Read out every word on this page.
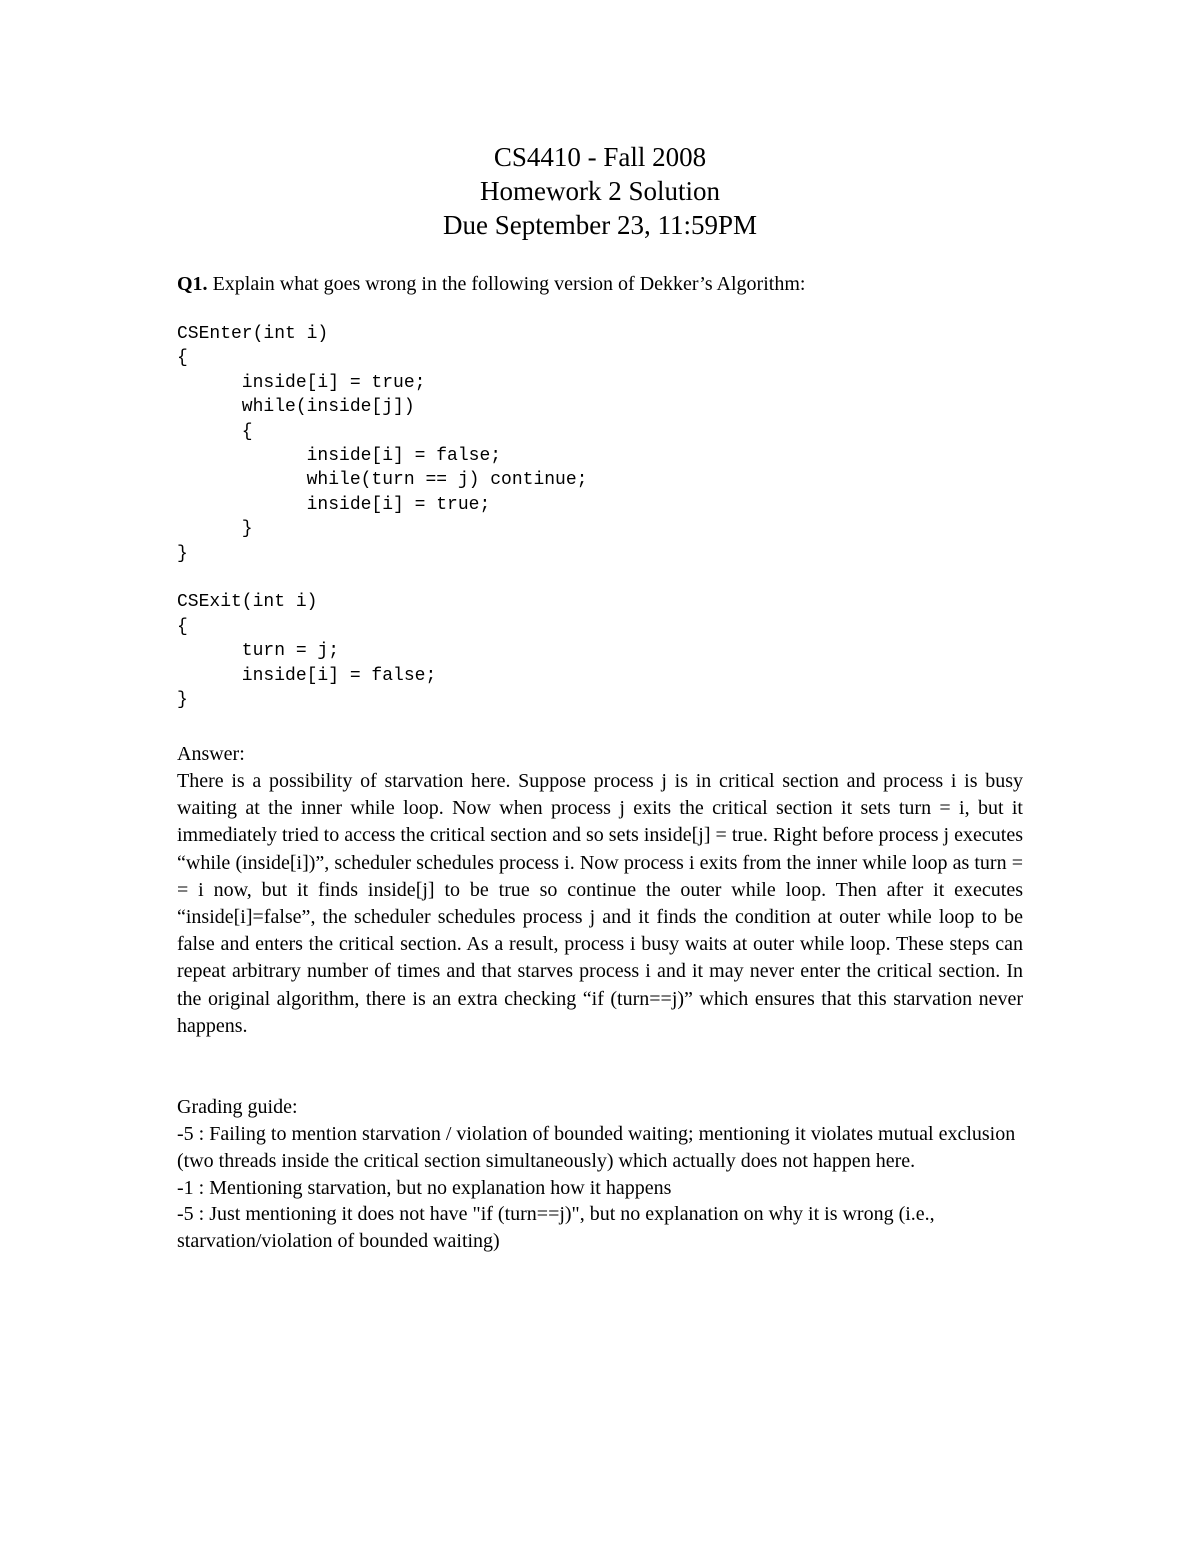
CS4410 - Fall 2008
Homework 2 Solution
Due September 23, 11:59PM
Q1. Explain what goes wrong in the following version of Dekker’s Algorithm:
CSEnter(int i)
{
inside[i] = true;
while(inside[j])
{
inside[i] = false;
while(turn == j) continue;
inside[i] = true;
}
}

CSExit(int i)
{
turn = j;
inside[i] = false;
}
Answer:
There is a possibility of starvation here. Suppose process j is in critical section and process i is busy waiting at the inner while loop. Now when process j exits the critical section it sets turn = i, but it immediately tried to access the critical section and so sets inside[j] = true. Right before process j executes “while (inside[i])”, scheduler schedules process i. Now process i exits from the inner while loop as turn = = i now, but it finds inside[j] to be true so continue the outer while loop. Then after it executes “inside[i]=false”, the scheduler schedules process j and it finds the condition at outer while loop to be false and enters the critical section. As a result, process i busy waits at outer while loop. These steps can repeat arbitrary number of times and that starves process i and it may never enter the critical section. In the original algorithm, there is an extra checking “if (turn==j)” which ensures that this starvation never happens.
Grading guide:
-5 : Failing to mention starvation / violation of bounded waiting; mentioning it violates mutual exclusion (two threads inside the critical section simultaneously) which actually does not happen here.
-1 : Mentioning starvation, but no explanation how it happens
-5 : Just mentioning it does not have "if (turn==j)", but no explanation on why it is wrong (i.e., starvation/violation of bounded waiting)
